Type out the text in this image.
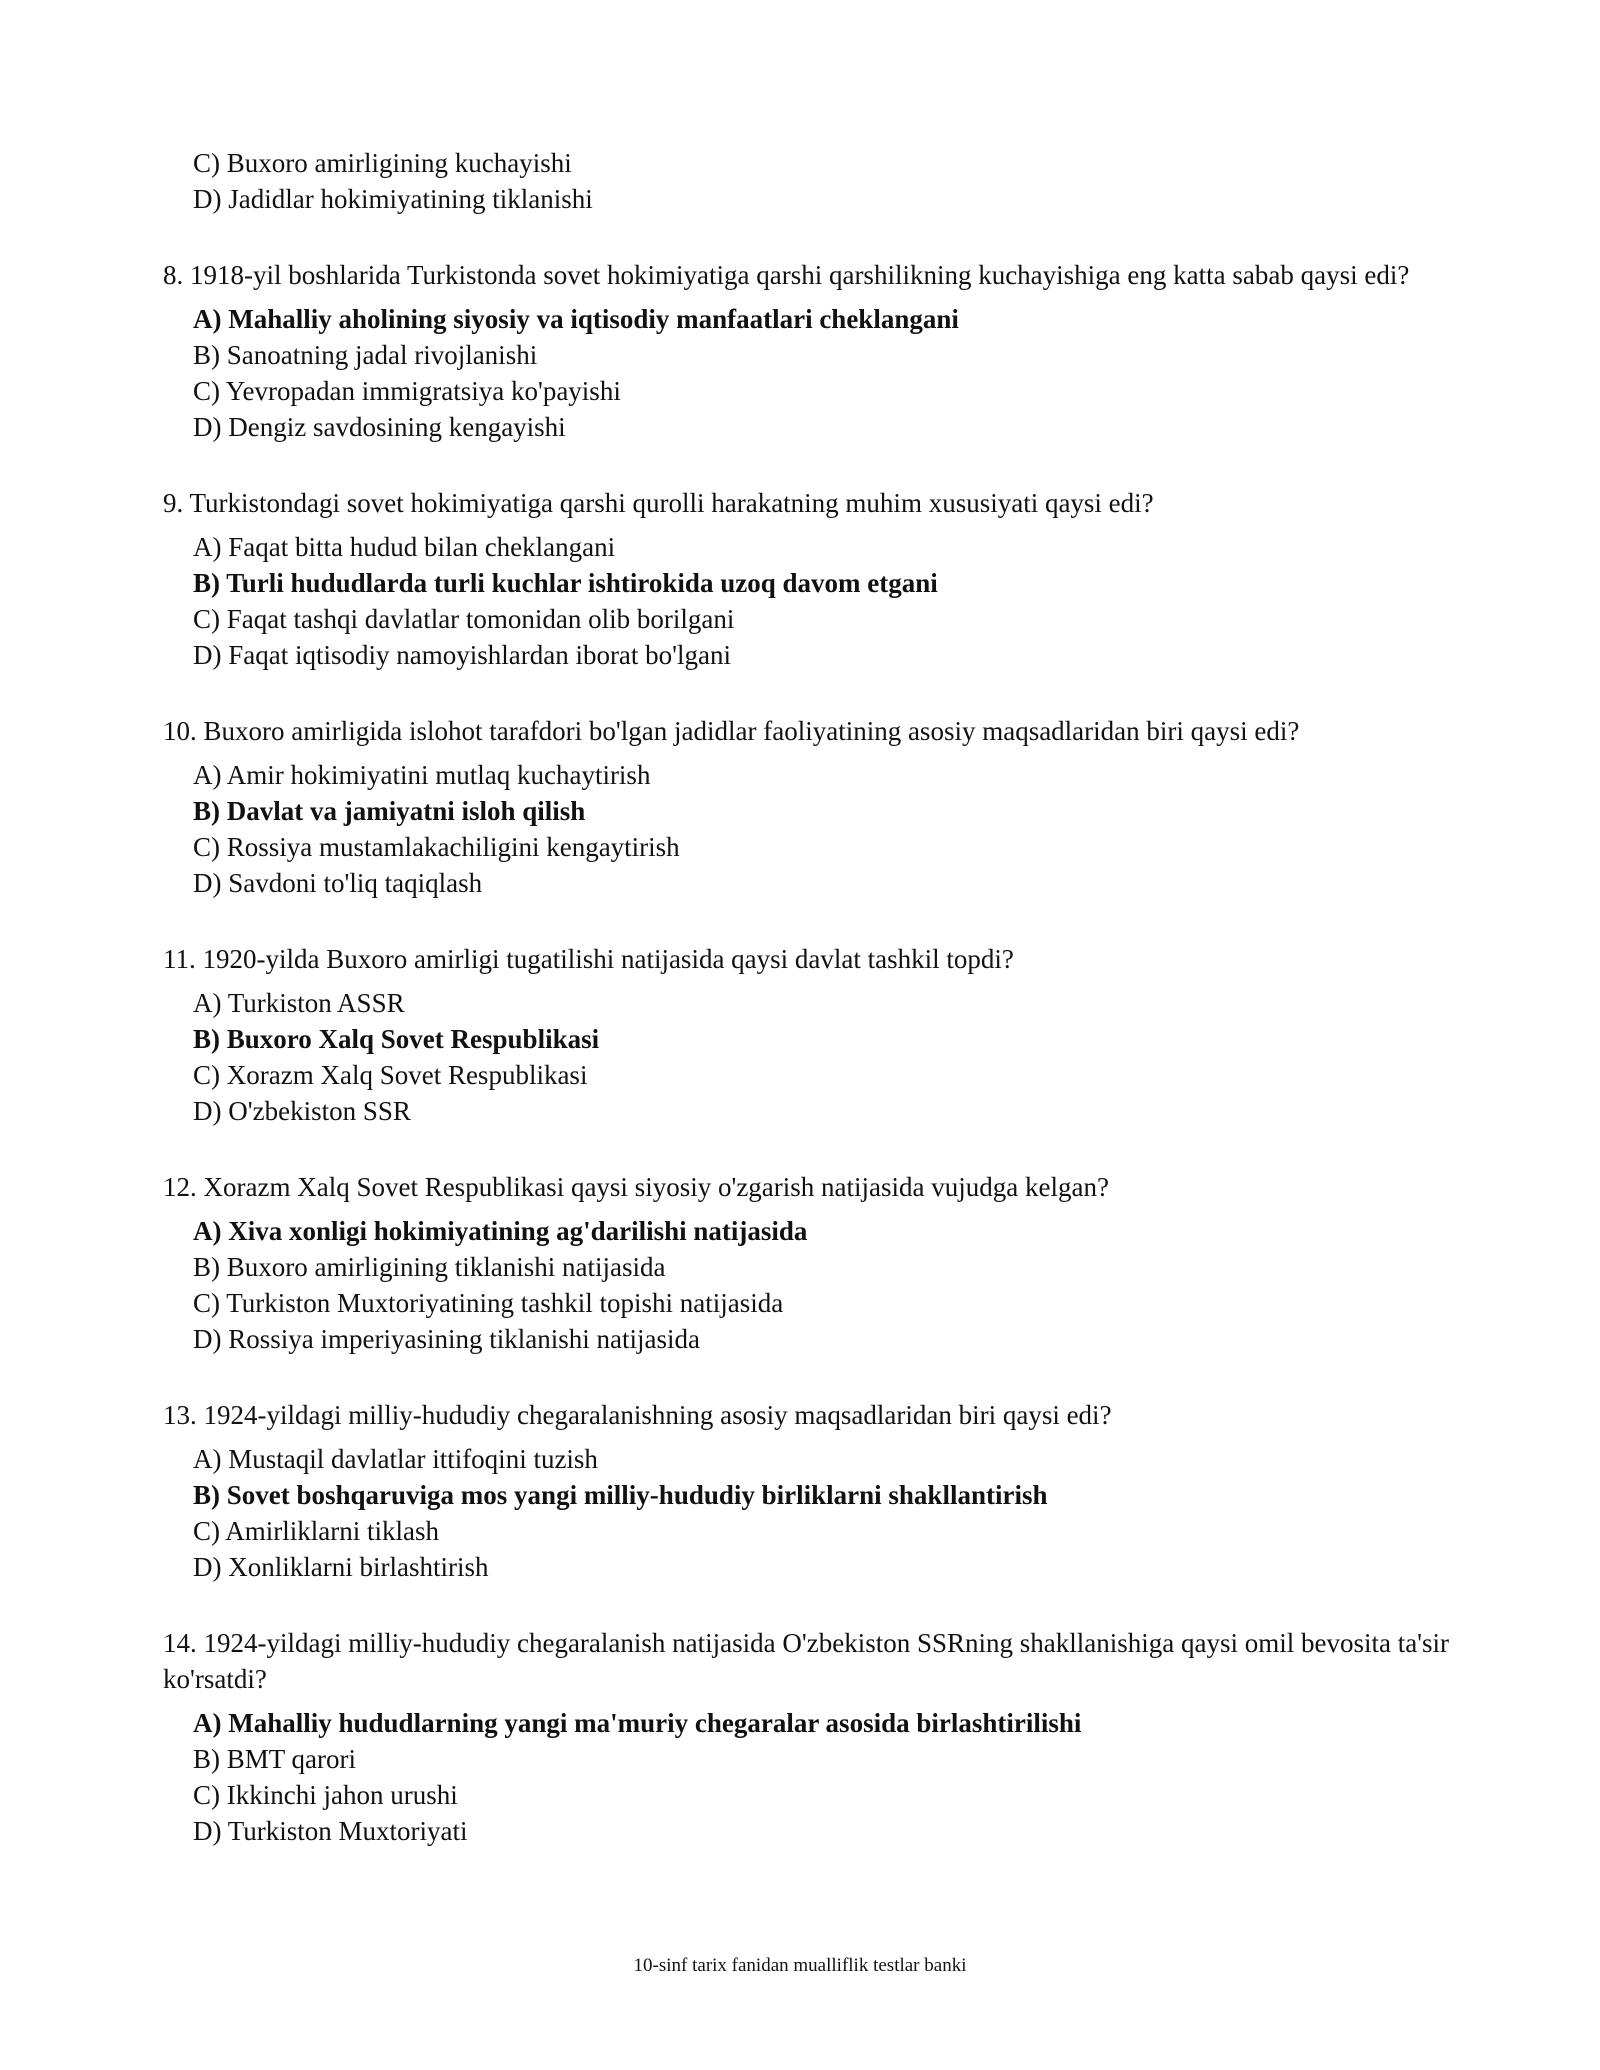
C) Buxoro amirligining kuchayishi
D) Jadidlar hokimiyatining tiklanishi
8. 1918-yil boshlarida Turkistonda sovet hokimiyatiga qarshi qarshilikning kuchayishiga eng katta sabab qaysi edi?
A) Mahalliy aholining siyosiy va iqtisodiy manfaatlari cheklangani
B) Sanoatning jadal rivojlanishi
C) Yevropadan immigratsiya ko'payishi
D) Dengiz savdosining kengayishi
9. Turkistondagi sovet hokimiyatiga qarshi qurolli harakatning muhim xususiyati qaysi edi?
A) Faqat bitta hudud bilan cheklangani
B) Turli hududlarda turli kuchlar ishtirokida uzoq davom etgani
C) Faqat tashqi davlatlar tomonidan olib borilgani
D) Faqat iqtisodiy namoyishlardan iborat bo'lgani
10. Buxoro amirligida islohot tarafdori bo'lgan jadidlar faoliyatining asosiy maqsadlaridan biri qaysi edi?
A) Amir hokimiyatini mutlaq kuchaytirish
B) Davlat va jamiyatni isloh qilish
C) Rossiya mustamlakachiligini kengaytirish
D) Savdoni to'liq taqiqlash
11. 1920-yilda Buxoro amirligi tugatilishi natijasida qaysi davlat tashkil topdi?
A) Turkiston ASSR
B) Buxoro Xalq Sovet Respublikasi
C) Xorazm Xalq Sovet Respublikasi
D) O'zbekiston SSR
12. Xorazm Xalq Sovet Respublikasi qaysi siyosiy o'zgarish natijasida vujudga kelgan?
A) Xiva xonligi hokimiyatining ag'darilishi natijasida
B) Buxoro amirligining tiklanishi natijasida
C) Turkiston Muxtoriyatining tashkil topishi natijasida
D) Rossiya imperiyasining tiklanishi natijasida
13. 1924-yildagi milliy-hududiy chegaralanishning asosiy maqsadlaridan biri qaysi edi?
A) Mustaqil davlatlar ittifoqini tuzish
B) Sovet boshqaruviga mos yangi milliy-hududiy birliklarni shakllantirish
C) Amirliklarni tiklash
D) Xonliklarni birlashtirish
14. 1924-yildagi milliy-hududiy chegaralanish natijasida O'zbekiston SSRning shakllanishiga qaysi omil bevosita ta'sir ko'rsatdi?
A) Mahalliy hududlarning yangi ma'muriy chegaralar asosida birlashtirilishi
B) BMT qarori
C) Ikkinchi jahon urushi
D) Turkiston Muxtoriyati
10-sinf tarix fanidan mualliflik testlar banki
